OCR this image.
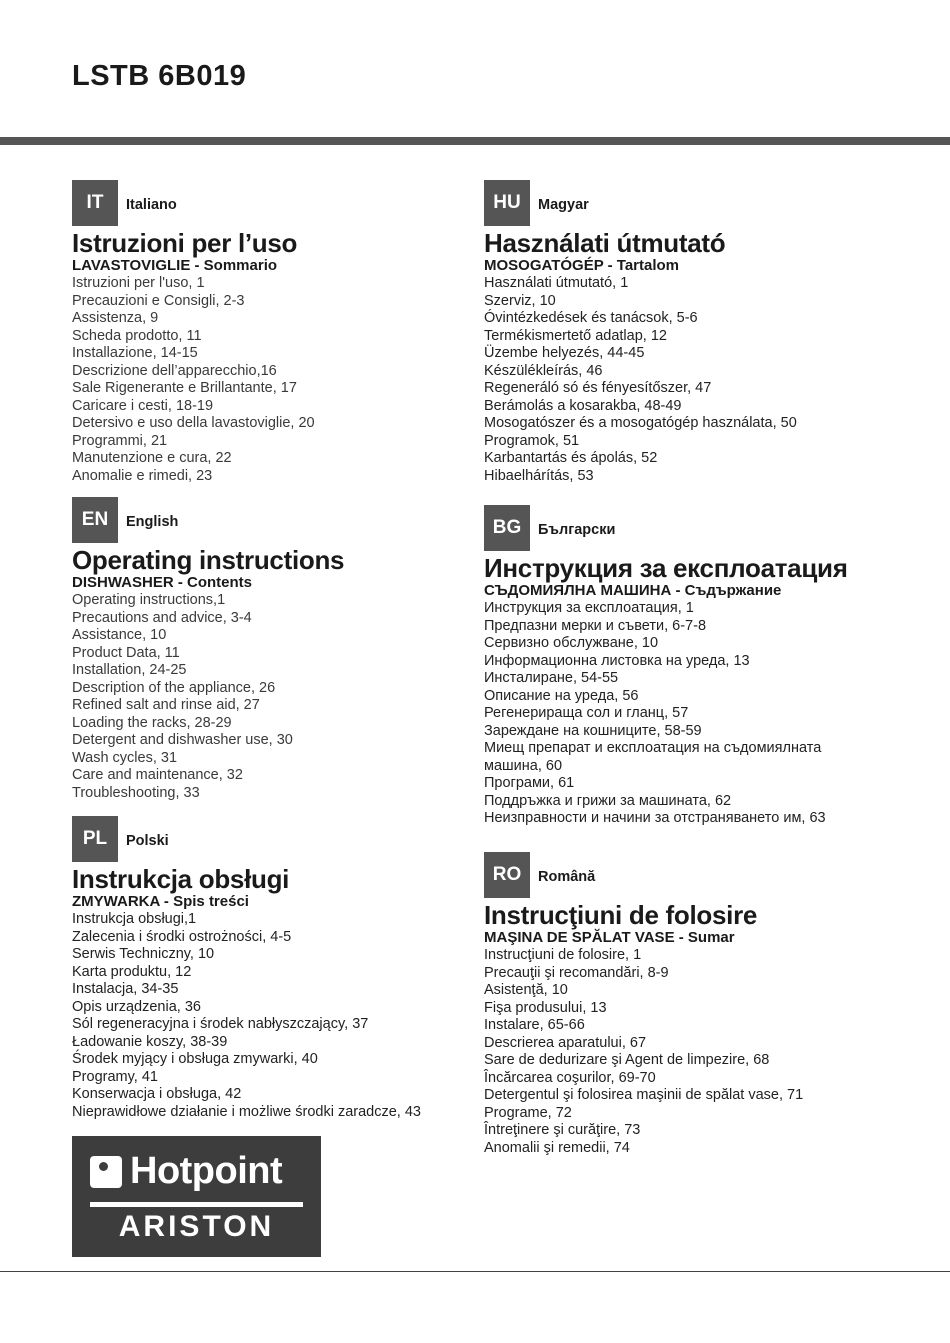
LSTB 6B019
IT	Italiano
Istruzioni per l’uso
LAVASTOVIGLIE - Sommario
Istruzioni per l'uso, 1
Precauzioni e Consigli, 2-3
Assistenza, 9
Scheda prodotto, 11
Installazione, 14-15
Descrizione dell’apparecchio,16
Sale Rigenerante e Brillantante, 17
Caricare i cesti, 18-19
Detersivo e uso della lavastoviglie, 20
Programmi, 21
Manutenzione e cura, 22
Anomalie e rimedi, 23
EN	English
Operating instructions
DISHWASHER - Contents
Operating instructions,1
Precautions and advice, 3-4
Assistance, 10
Product Data, 11
Installation, 24-25
Description of the appliance, 26
Refined salt and rinse aid, 27
Loading the racks, 28-29
Detergent and dishwasher use, 30
Wash cycles, 31
Care and maintenance, 32
Troubleshooting, 33
PL	Polski
Instrukcja obsługi
ZMYWARKA - Spis treści
Instrukcja obsługi,1
Zalecenia i środki ostrożności, 4-5
Serwis Techniczny, 10
Karta produktu, 12
Instalacja, 34-35
Opis urządzenia, 36
Sól regeneracyjna i środek nabłyszczający, 37
Ładowanie koszy, 38-39
Środek myjący i obsługa zmywarki, 40
Programy, 41
Konserwacja i obsługa, 42
Nieprawidłowe działanie i możliwe środki zaradcze, 43
HU	Magyar
Használati útmutató
MOSOGATÓGÉP - Tartalom
Használati útmutató, 1
Szerviz, 10
Óvintézkedések és tanácsok, 5-6
Termékismertető adatlap, 12
Üzembe helyezés, 44-45
Készülékleírás, 46
Regeneráló só és fényesítőszer, 47
Berámolás a kosarakba, 48-49
Mosogatószer és a mosogatógép használata, 50
Programok, 51
Karbantartás és ápolás, 52
Hibaelhárítás, 53
BG	Български
Инструкция за експлоатация
СЪДОМИЯЛНА МАШИНА - Съдържание
Инструкция за експлоатация, 1
Предпазни мерки и съвети, 6-7-8
Сервизно обслужване, 10
Информационна листовка на уреда, 13
Инсталиране, 54-55
Описание на уреда, 56
Регенерираща сол и гланц, 57
Зареждане на кошниците, 58-59
Миещ препарат и експлоатация на съдомиялната
машина, 60
Програми, 61
Поддръжка и грижи за машината, 62
Неизправности и начини за отстраняването им, 63
RO	Română
Instrucţiuni de folosire
MAŞINA DE SPĂLAT VASE - Sumar
Instrucţiuni de folosire, 1
Precauţii şi recomandări, 8-9
Asistenţă, 10
Fişa produsului, 13
Instalare, 65-66
Descrierea aparatului, 67
Sare de dedurizare şi Agent de limpezire, 68
Încărcarea coşurilor, 69-70
Detergentul şi folosirea maşinii de spălat vase, 71
Programe, 72
Întreţinere şi curăţire, 73
Anomalii şi remedii, 74
Hotpoint
ARISTON
